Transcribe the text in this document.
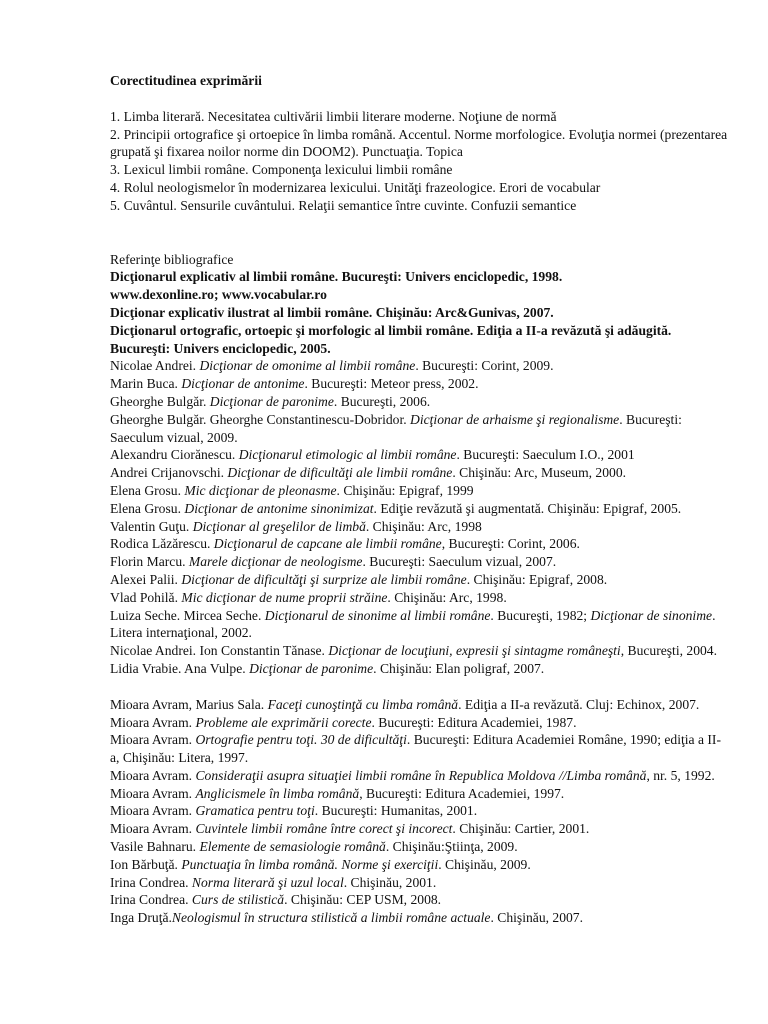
Corectitudinea exprimării

1. Limba literară. Necesitatea cultivării limbii literare moderne. Noţiune de normă

2. Principii ortografice şi ortoepice în limba română. Accentul. Norme morfologice. Evoluţia normei (prezentarea grupată şi fixarea noilor norme din DOOM2). Punctuaţia. Topica

3. Lexicul limbii române. Componenţa lexicului limbii române

4. Rolul neologismelor în modernizarea lexicului. Unităţi frazeologice. Erori de vocabular

5. Cuvântul. Sensurile cuvântului. Relaţii semantice între cuvinte. Confuzii semantice

Referinţe bibliografice

Dicţionarul explicativ al limbii române. Bucureşti: Univers enciclopedic, 1998.

www.dexonline.ro; www.vocabular.ro

Dicţionar explicativ ilustrat al limbii române. Chişinău: Arc&Gunivas, 2007.

Dicţionarul ortografic, ortoepic şi morfologic al limbii române. Ediţia a II-a revăzută şi adăugită. Bucureşti: Univers enciclopedic, 2005.

Nicolae Andrei. Dicţionar de omonime al limbii române. Bucureşti: Corint, 2009.

Marin Buca. Dicţionar de antonime. Bucureşti: Meteor press, 2002.

Gheorghe Bulgăr. Dicţionar de paronime. Bucureşti, 2006.

Gheorghe Bulgăr. Gheorghe Constantinescu-Dobridor. Dicţionar de arhaisme şi regionalisme. Bucureşti: Saeculum vizual, 2009.

Alexandru Ciorănescu. Dicţionarul etimologic al limbii române. Bucureşti: Saeculum I.O., 2001

Andrei Crijanovschi. Dicţionar de dificultăţi ale limbii române. Chişinău: Arc, Museum, 2000.

Elena Grosu. Mic dicţionar de pleonasme. Chişinău: Epigraf, 1999

Elena Grosu. Dicţionar de antonime sinonimizat. Ediţie revăzută şi augmentată. Chişinău: Epigraf, 2005.

Valentin Guţu. Dicţionar al greşelilor de limbă. Chişinău: Arc, 1998

Rodica Lăzărescu. Dicţionarul de capcane ale limbii române, Bucureşti: Corint, 2006.

Florin Marcu. Marele dicţionar de neologisme. Bucureşti: Saeculum vizual, 2007.

Alexei Palii. Dicţionar de dificultăţi şi surprize ale limbii române. Chişinău: Epigraf, 2008.

Vlad Pohilă. Mic dicţionar de nume proprii străine. Chişinău: Arc, 1998.

Luiza Seche. Mircea Seche. Dicţionarul de sinonime al limbii române. Bucureşti, 1982; Dicţionar de sinonime. Litera internaţional, 2002.

Nicolae Andrei. Ion Constantin Tănase. Dicţionar de locuţiuni, expresii şi sintagme româneşti, Bucureşti, 2004.

Lidia Vrabie. Ana Vulpe. Dicţionar de paronime. Chişinău: Elan poligraf, 2007.

Mioara Avram, Marius Sala. Faceţi cunoştinţă cu limba română. Ediţia a II-a revăzută. Cluj: Echinox, 2007.

Mioara Avram. Probleme ale exprimării corecte. Bucureşti: Editura Academiei, 1987.

Mioara Avram. Ortografie pentru toţi. 30 de dificultăţi. Bucureşti: Editura Academiei Române, 1990; ediţia a II-a, Chişinău: Litera, 1997.

Mioara Avram. Consideraţii asupra situaţiei limbii române în Republica Moldova //Limba română, nr. 5, 1992.

Mioara Avram. Anglicismele în limba română, Bucureşti: Editura Academiei, 1997.

Mioara Avram. Gramatica pentru toţi. Bucureşti: Humanitas, 2001.

Mioara Avram. Cuvintele limbii române între corect şi incorect. Chişinău: Cartier, 2001.

Vasile Bahnaru. Elemente de semasiologie română. Chişinău:Ştiinţa, 2009.

Ion Bărbuţă. Punctuaţia în limba română. Norme şi exerciţii. Chişinău, 2009.

Irina Condrea. Norma literară şi uzul local. Chişinău, 2001.

Irina Condrea. Curs de stilistică. Chişinău: CEP USM, 2008.

Inga Druţă.Neologismul în structura stilistică a limbii române actuale. Chişinău, 2007.
